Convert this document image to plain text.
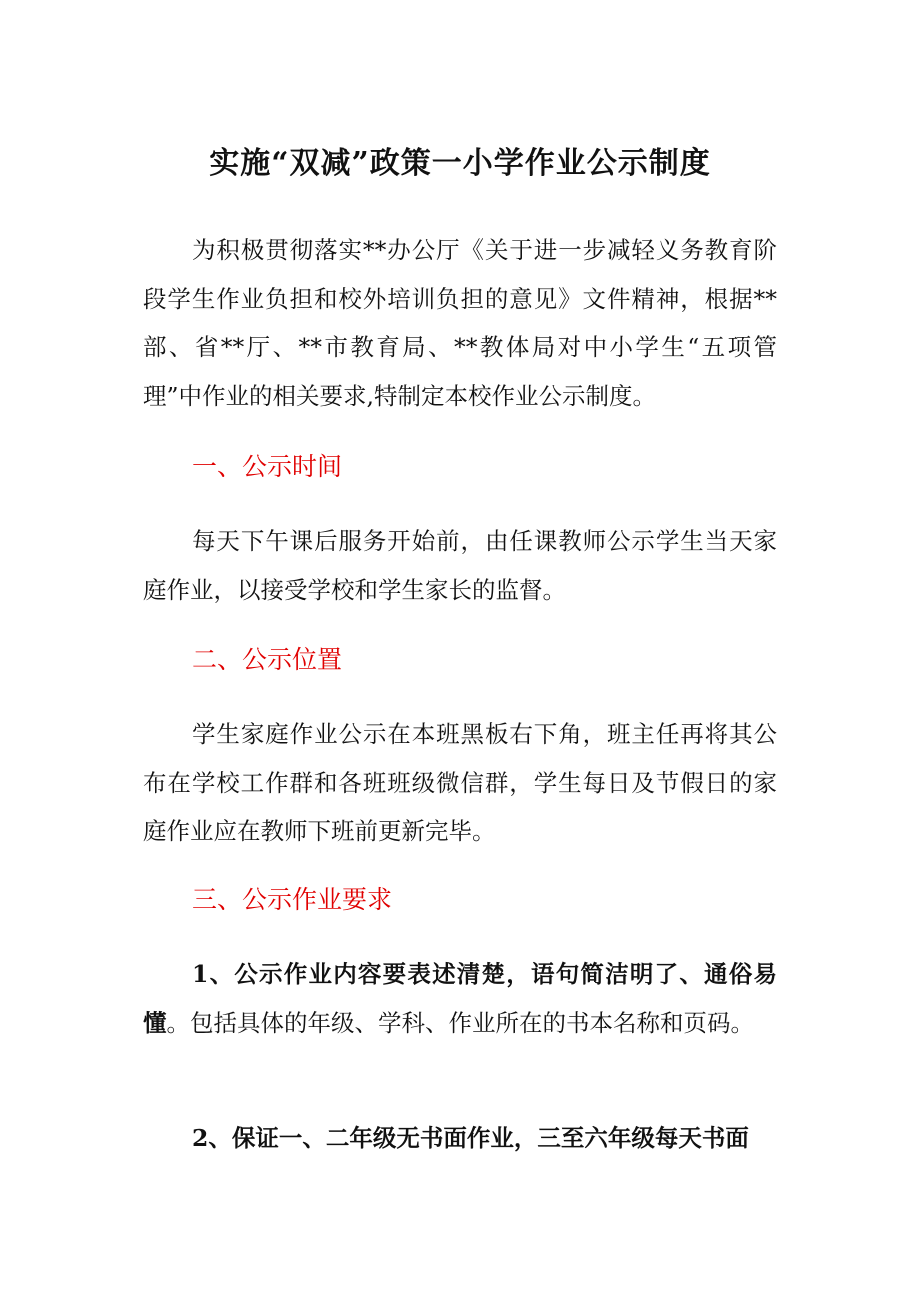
实施“双减”政策一小学作业公示制度

为积极贯彻落实**办公厅《关于进一步减轻义务教育阶段学生作业负担和校外培训负担的意见》文件精神，根据**部、省**厅、**市教育局、**教体局对中小学生“五项管理”中作业的相关要求,特制定本校作业公示制度。

一、公示时间

每天下午课后服务开始前，由任课教师公示学生当天家庭作业，以接受学校和学生家长的监督。

二、公示位置

学生家庭作业公示在本班黑板右下角，班主任再将其公布在学校工作群和各班班级微信群，学生每日及节假日的家庭作业应在教师下班前更新完毕。

三、公示作业要求

1、公示作业内容要表述清楚，语句简洁明了、通俗易懂。包括具体的年级、学科、作业所在的书本名称和页码。

2、保证一、二年级无书面作业，三至六年级每天书面
